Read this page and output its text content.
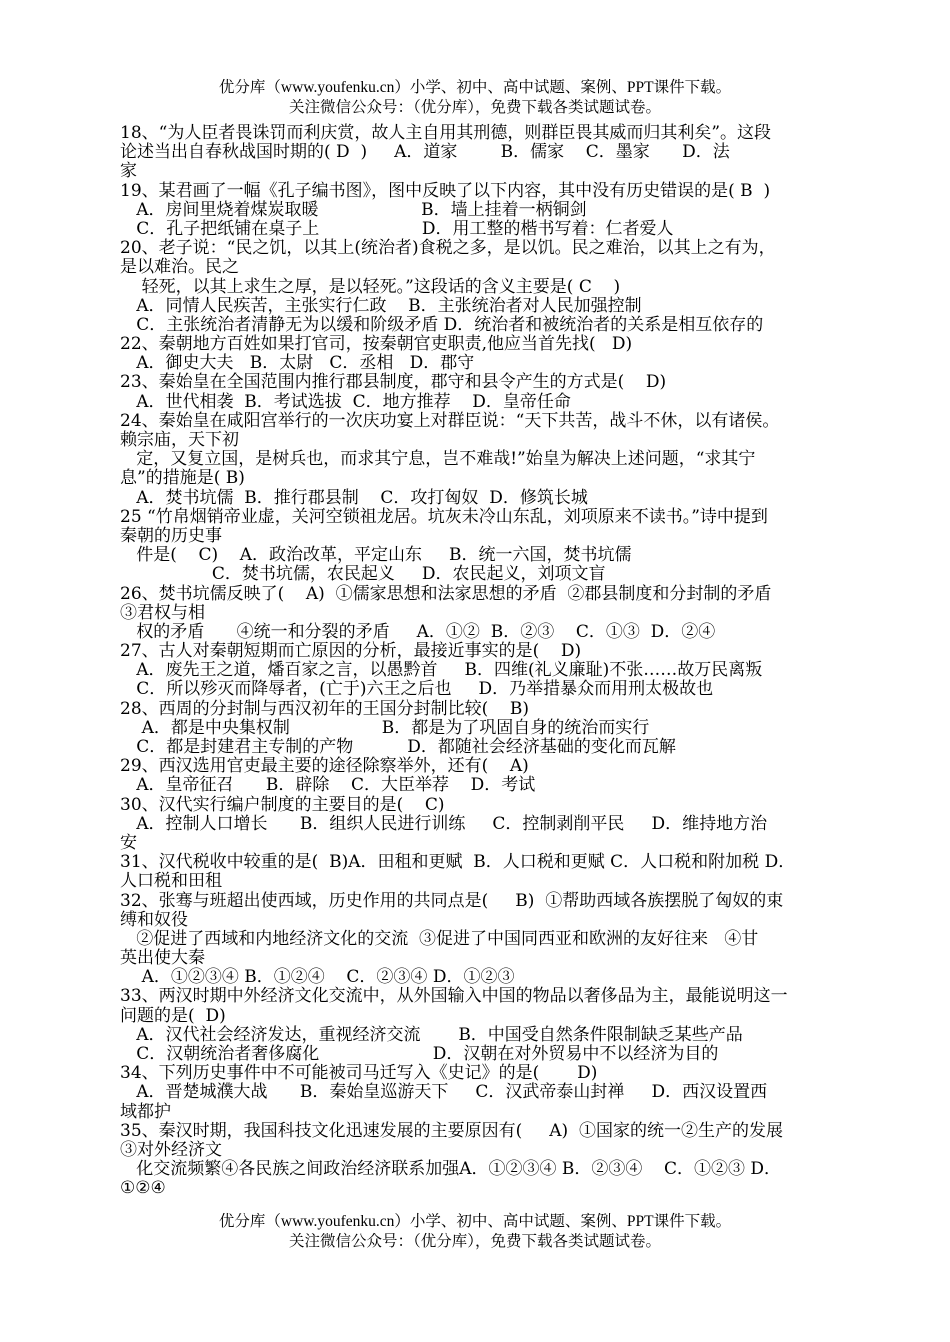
优分库（www.youfenku.cn）小学、初中、高中试题、案例、PPT课件下载。
关注微信公众号：（优分库），免费下载各类试题试卷。
18、“为人臣者畏诛罚而利庆赏，故人主自用其刑德，则群臣畏其威而归其利矣”。这段
论述当出自春秋战国时期的( D  )     A．道家        B．儒家    C．墨家      D．法
家
19、某君画了一幅《孔子编书图》，图中反映了以下内容，其中没有历史错误的是( B  )
A．房间里烧着煤炭取暖                   B．墙上挂着一柄铜剑
C．孔子把纸铺在桌子上                   D．用工整的楷书写着：仁者爱人
20、老子说：“民之饥，以其上(统治者)食税之多，是以饥。民之难治，以其上之有为，
是以难治。民之
轻死，以其上求生之厚，是以轻死。”这段话的含义主要是( C    )
A．同情人民疾苦，主张实行仁政    B．主张统治者对人民加强控制
C．主张统治者清静无为以缓和阶级矛盾 D．统治者和被统治者的关系是相互依存的
22、秦朝地方百姓如果打官司，按秦朝官吏职责,他应当首先找(   D)
A．御史大夫   B．太尉   C．丞相   D．郡守
23、秦始皇在全国范围内推行郡县制度，郡守和县令产生的方式是(    D)
A．世代相袭  B．考试选拔  C．地方推荐    D．皇帝任命
24、秦始皇在咸阳宫举行的一次庆功宴上对群臣说：“天下共苦，战斗不休，以有诸侯。
赖宗庙，天下初
定，又复立国，是树兵也，而求其宁息，岂不难哉!”始皇为解决上述问题，“求其宁
息”的措施是( B)
A．焚书坑儒  B．推行郡县制    C．攻打匈奴  D．修筑长城
25 “竹帛烟销帝业虚，关河空锁祖龙居。坑灰未冷山东乱，刘项原来不读书。”诗中提到
秦朝的历史事
件是(    C)    A．政治改革，平定山东     B．统一六国，焚书坑儒
C．焚书坑儒，农民起义     D．农民起义，刘项文盲
26、焚书坑儒反映了(    A)  ①儒家思想和法家思想的矛盾  ②郡县制度和分封制的矛盾
③君权与相
权的矛盾      ④统一和分裂的矛盾     A．①②  B．②③    C．①③  D．②④
27、古人对秦朝短期而亡原因的分析，最接近事实的是(    D)
A．废先王之道，燔百家之言，以愚黔首     B．四维(礼义廉耻)不张……故万民离叛
C．所以殄灭而降辱者，(亡于)六王之后也     D．乃举措暴众而用刑太极故也
28、西周的分封制与西汉初年的王国分封制比较(    B)
A．都是中央集权制                 B．都是为了巩固自身的统治而实行
C．都是封建君主专制的产物          D．都随社会经济基础的变化而瓦解
29、西汉选用官吏最主要的途径除察举外，还有(    A)
A．皇帝征召      B．辟除    C．大臣举荐    D．考试
30、汉代实行编户制度的主要目的是(    C)
A．控制人口增长      B．组织人民进行训练     C．控制剥削平民     D．维持地方治
安
31、汉代税收中较重的是(  B)A．田租和更赋  B．人口税和更赋 C．人口税和附加税 D．
人口税和田租
32、张骞与班超出使西域，历史作用的共同点是(     B)  ①帮助西域各族摆脱了匈奴的束
缚和奴役
②促进了西域和内地经济文化的交流  ③促进了中国同西亚和欧洲的友好往来   ④甘
英出使大秦
A．①②③④ B．①②④    C．②③④ D．①②③
33、两汉时期中外经济文化交流中，从外国输入中国的物品以奢侈品为主，最能说明这一
问题的是(  D)
A．汉代社会经济发达，重视经济交流       B．中国受自然条件限制缺乏某些产品
C．汉朝统治者奢侈腐化                     D．汉朝在对外贸易中不以经济为目的
34、下列历史事件中不可能被司马迁写入《史记》的是(       D)
A．晋楚城濮大战      B．秦始皇巡游天下     C．汉武帝泰山封禅     D．西汉设置西
域都护
35、秦汉时期，我国科技文化迅速发展的主要原因有(     A)  ①国家的统一②生产的发展
③对外经济文
化交流频繁④各民族之间政治经济联系加强A．①②③④ B．②③④    C．①②③ D．
①②④
优分库（www.youfenku.cn）小学、初中、高中试题、案例、PPT课件下载。
关注微信公众号：（优分库），免费下载各类试题试卷。
